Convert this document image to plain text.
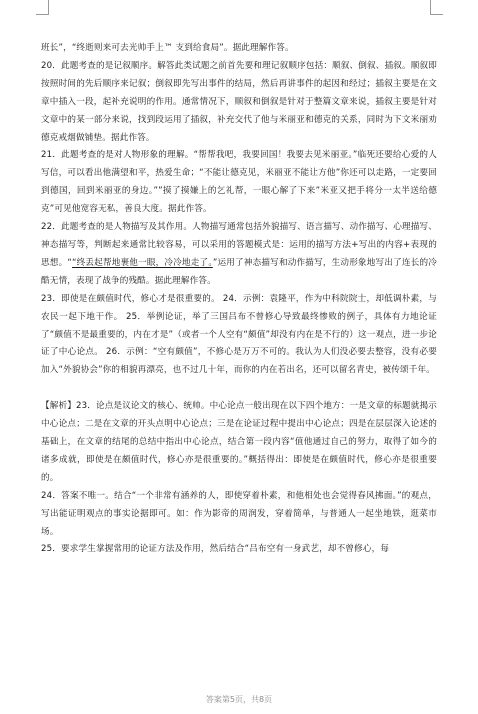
班长”，“终逝则来可去光帅手上™ 支到给食局”。据此理解作答。

20．此题考查的是记叙顺序。解答此类试题之前首先要和理记叙顺序包括：顺叙、倒叙、插叙。顺叙即按照时间的先后顺序来记叙；倒叙即先写出事件的结局，然后再讲事件的起因和经过；插叙主要是在文章中插入一段，起补充说明的作用。通常情况下，顺叙和倒叙是针对于整篇文章来说，插叙主要是针对文章中的某一部分来说，找到段运用了插叙，补充交代了他与米丽亚和德克的关系，同时为下文米丽劝德克戒烟做铺垫。据此作答。

21．此题考查的是对人物形象的理解。“帮帮我吧，我要回国！我要去见米丽亚。”临死还要给心爱的人写信，可以看出他满望和平，热爱生命；“不能让德克见，米丽亚不能让方他”你还可以走路，一定要回到德国，回到米丽亚的身边。””摸了摸嫌上的乞礼帮，一眼心解了下来”米亚又把手将分一太半送给德克”可见他宽容无私，善良大度。据此作答。

22．此题考查的是人物描写及其作用。人物描写通常包括外貌描写、语言描写、动作描写、心理描写、神态描写等，判断起来通常比较容易，可以采用的答题模式是：运用的描写方法+写出的内容+表现的思想。““终丢起帮地裹他一眼，冷冷地走了。”运用了神态描写和动作描写，生动形象地写出了连长的冷酷无情，表现了战争的残酷。据此理解作答。

23．即使是在颇值时代，修心才是很重要的。 24．示例：袁隆平，作为中科院院士，却低调朴素，与农民一起下地干作。 25．举例论证，举了三国吕布不曾修心导致最终惨败的例子，具体有力地论证了“颇值不是最重要的，内在才是”（或者一个人空有“颇值”却没有内在是不行的）这一观点，进一步论证了中心论点。 26．示例：“空有颇值”，不修心是万万不可的。我认为人们没必要去整容，没有必要加入“外貌协会”你的相貌再漂亮，也不过几十年，而你的内在若出名，还可以留名青史，被传颂千年。

【解析】23．论点是议论文的核心、统帅。中心论点一般出现在以下四个地方：一是文章的标题就揭示中心论点；二是在文章的开头点明中心论点；三是在论证过程中提出中心论点；四是在层层深入论述的基础上，在文章的结尾的总结中指出中心论点，结合第一段内容“值他通过自己的努力，取得了如今的诸多成就，即使是在颇值时代，修心亦是很重要的。”概括得出：即使是在颇值时代，修心亦是很重要的。

24．答案不唯一。结合“一个非常有涵养的人，即使穿着朴素，和他相处也会觉得春风拂面。”的观点，写出能证明观点的事实论据即可。如：作为影帝的周润发，穿着简单，与普通人一起坐地铁，逛菜市场。

25．要求学生掌握常用的论证方法及作用，然后结合“吕布空有一身武艺，却不曾修心，每

答案第5页，共8页
